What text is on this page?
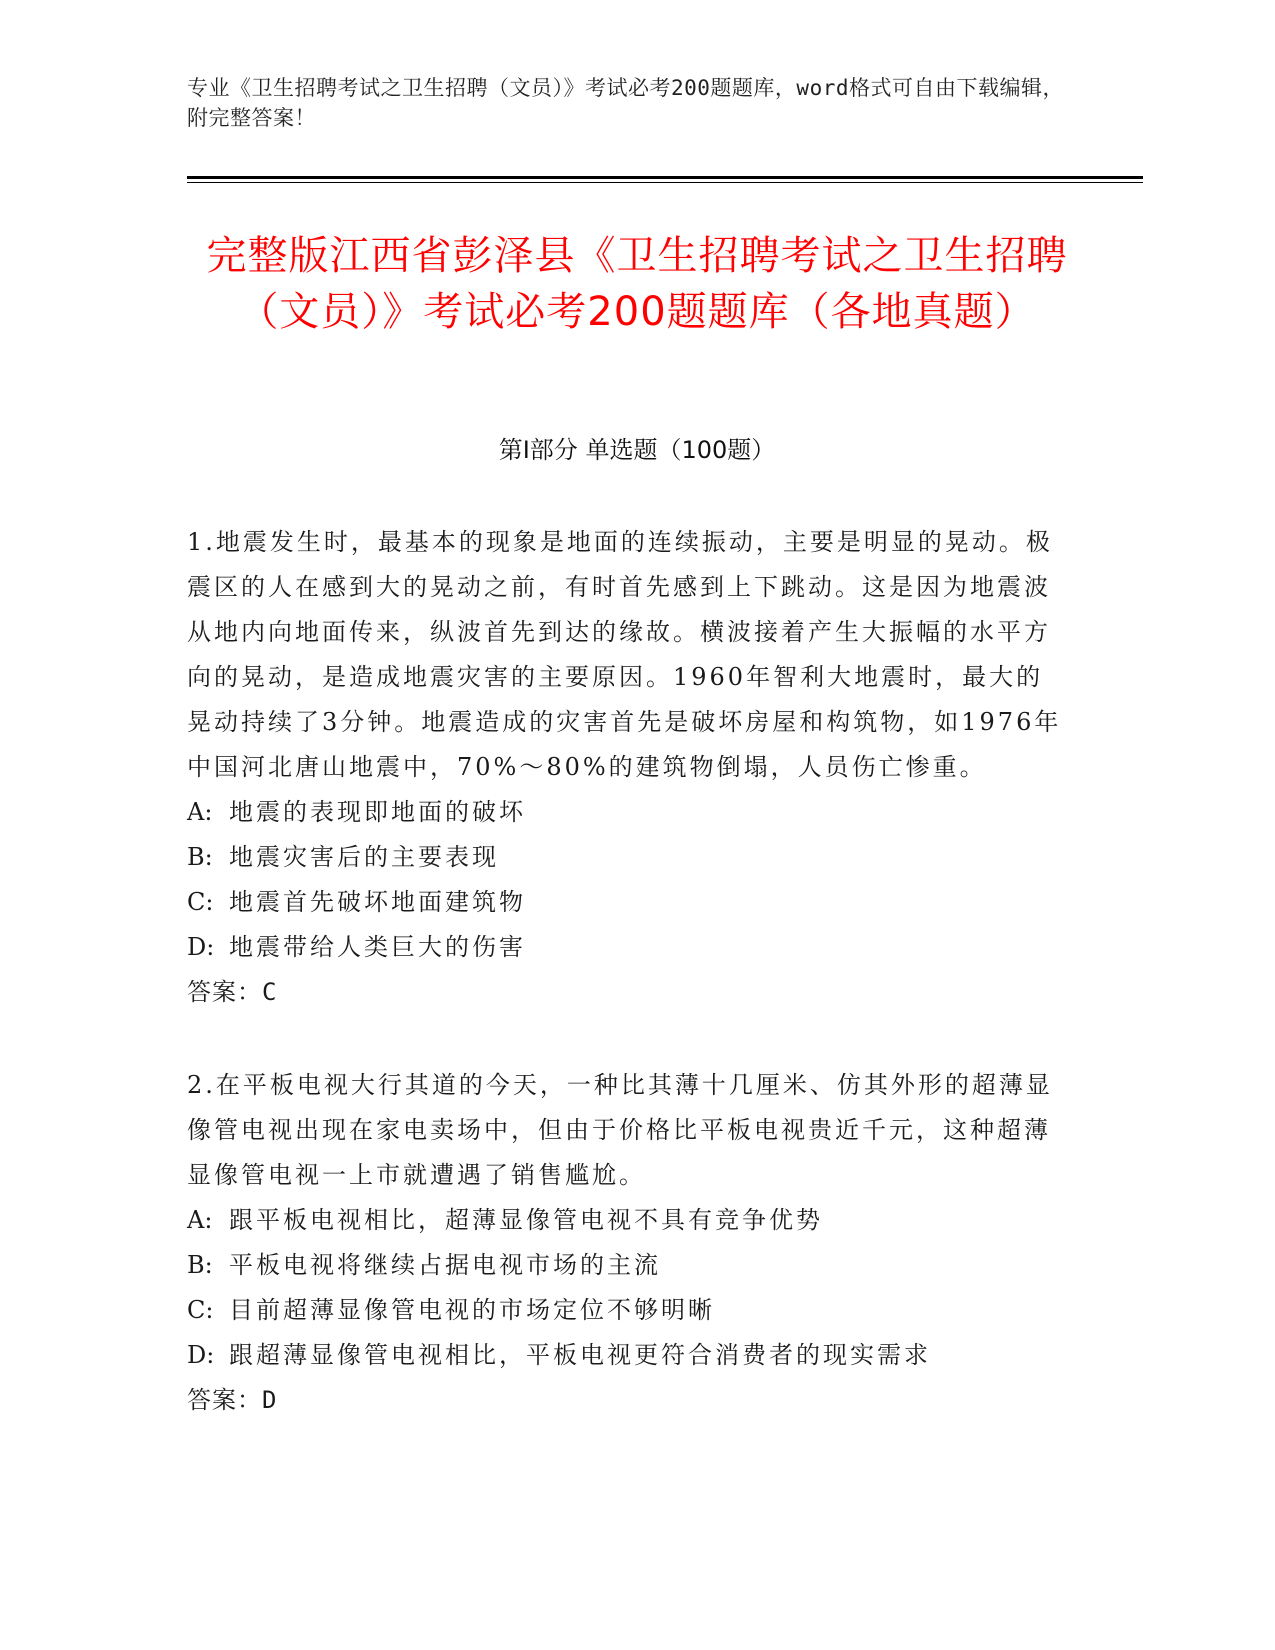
专业《卫生招聘考试之卫生招聘（文员）》考试必考200题题库，word格式可自由下载编辑，附完整答案！
完整版江西省彭泽县《卫生招聘考试之卫生招聘（文员）》考试必考200题题库（各地真题）
第Ⅰ部分 单选题（100题）
1.地震发生时，最基本的现象是地面的连续振动，主要是明显的晃动。极震区的人在感到大的晃动之前，有时首先感到上下跳动。这是因为地震波从地内向地面传来，纵波首先到达的缘故。横波接着产生大振幅的水平方向的晃动，是造成地震灾害的主要原因。1960年智利大地震时，最大的晃动持续了3分钟。地震造成的灾害首先是破坏房屋和构筑物，如1976年中国河北唐山地震中，70%～80%的建筑物倒塌，人员伤亡惨重。
A: 地震的表现即地面的破坏
B: 地震灾害后的主要表现
C: 地震首先破坏地面建筑物
D: 地震带给人类巨大的伤害
答案：C
2.在平板电视大行其道的今天，一种比其薄十几厘米、仿其外形的超薄显像管电视出现在家电卖场中，但由于价格比平板电视贵近千元，这种超薄显像管电视一上市就遭遇了销售尴尬。
A: 跟平板电视相比，超薄显像管电视不具有竞争优势
B: 平板电视将继续占据电视市场的主流
C: 目前超薄显像管电视的市场定位不够明晰
D: 跟超薄显像管电视相比，平板电视更符合消费者的现实需求
答案：D
